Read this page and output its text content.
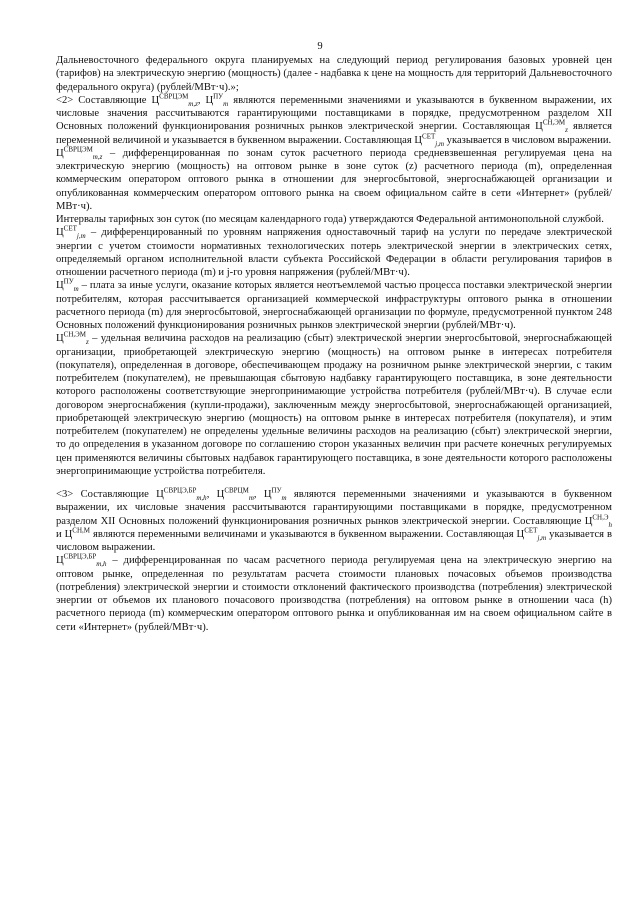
9

Дальневосточного федерального округа планируемых на следующий период регулирования базовых уровней цен (тарифов) на электрическую энергию (мощность) (далее - надбавка к цене на мощность для территорий Дальневосточного федерального округа) (рублей/МВт·ч).»;

<2> Составляющие $Ц^{СВРЦЭМ}_{m,z}$, $Ц^{ПУ}_m$ являются переменными значениями и указываются в буквенном выражении, их числовые значения рассчитываются гарантирующими поставщиками в порядке, предусмотренном разделом XII Основных положений функционирования розничных рынков электрической энергии. Составляющая $Ц^{СН,ЭМ}_z$ является переменной величиной и указывается в буквенном выражении. Составляющая $Ц^{СЕТ}_{j,m}$ указывается в числовом выражении.

$Ц^{СВРЦЭМ}_{m,z}$ – дифференцированная по зонам суток расчетного периода средневзвешенная регулируемая цена на электрическую энергию (мощность) на оптовом рынке в зоне суток (z) расчетного периода (m), определенная коммерческим оператором оптового рынка в отношении для энергосбытовой, энергоснабжающей организации и опубликованная коммерческим оператором оптового рынка на своем официальном сайте в сети «Интернет» (рублей/МВт·ч).

Интервалы тарифных зон суток (по месяцам календарного года) утверждаются Федеральной антимонопольной службой.

$Ц^{СЕТ}_{j,m}$ – дифференцированный по уровням напряжения одноставочный тариф на услуги по передаче электрической энергии с учетом стоимости нормативных технологических потерь электрической энергии в электрических сетях, определяемый органом исполнительной власти субъекта Российской Федерации в области регулирования тарифов в отношении расчетного периода (m) и j-го уровня напряжения (рублей/МВт·ч).

$Ц^{ПУ}_m$ – плата за иные услуги, оказание которых является неотъемлемой частью процесса поставки электрической энергии потребителям, которая рассчитывается организацией коммерческой инфраструктуры оптового рынка в отношении расчетного периода (m) для энергосбытовой, энергоснабжающей организации по формуле, предусмотренной пунктом 248 Основных положений функционирования розничных рынков электрической энергии (рублей/МВт·ч).

$Ц^{СН,ЭМ}_z$ – удельная величина расходов на реализацию (сбыт) электрической энергии энергосбытовой, энергоснабжающей организации, приобретающей электрическую энергию (мощность) на оптовом рынке в интересах потребителя (покупателя), определенная в договоре, обеспечивающем продажу на розничном рынке электрической энергии, с таким потребителем (покупателем), не превышающая сбытовую надбавку гарантирующего поставщика, в зоне деятельности которого расположены соответствующие энергопринимающие устройства потребителя (рублей/МВт·ч). В случае если договором энергоснабжения (купли-продажи), заключенным между энергосбытовой, энергоснабжающей организацией, приобретающей электрическую энергию (мощность) на оптовом рынке в интересах потребителя (покупателя), и этим потребителем (покупателем) не определены удельные величины расходов на реализацию (сбыт) электрической энергии, то до определения в указанном договоре по соглашению сторон указанных величин при расчете конечных регулируемых цен применяются величины сбытовых надбавок гарантирующего поставщика, в зоне деятельности которого расположены энергопринимающие устройства потребителя.

<3> Составляющие $Ц^{СВРЦЭ,БР}_{m,h}$, $Ц^{СВРЦМ}_m$, $Ц^{ПУ}_m$ являются переменными значениями и указываются в буквенном выражении, их числовые значения рассчитываются гарантирующими поставщиками в порядке, предусмотренном разделом XII Основных положений функционирования розничных рынков электрической энергии. Составляющие $Ц^{СН,Э}_h$ и $Ц^{СН,М}$ являются переменными величинами и указываются в буквенном выражении. Составляющая $Ц^{СЕТ}_{j,m}$ указывается в числовом выражении.

$Ц^{СВРЦЭ,БР}_{m,h}$ – дифференцированная по часам расчетного периода регулируемая цена на электрическую энергию на оптовом рынке, определенная по результатам расчета стоимости плановых почасовых объемов производства (потребления) электрической энергии и стоимости отклонений фактического производства (потребления) электрической энергии от объемов их планового почасового производства (потребления) на оптовом рынке в отношении часа (h) расчетного периода (m) коммерческим оператором оптового рынка и опубликованная им на своем официальном сайте в сети «Интернет» (рублей/МВт·ч).
